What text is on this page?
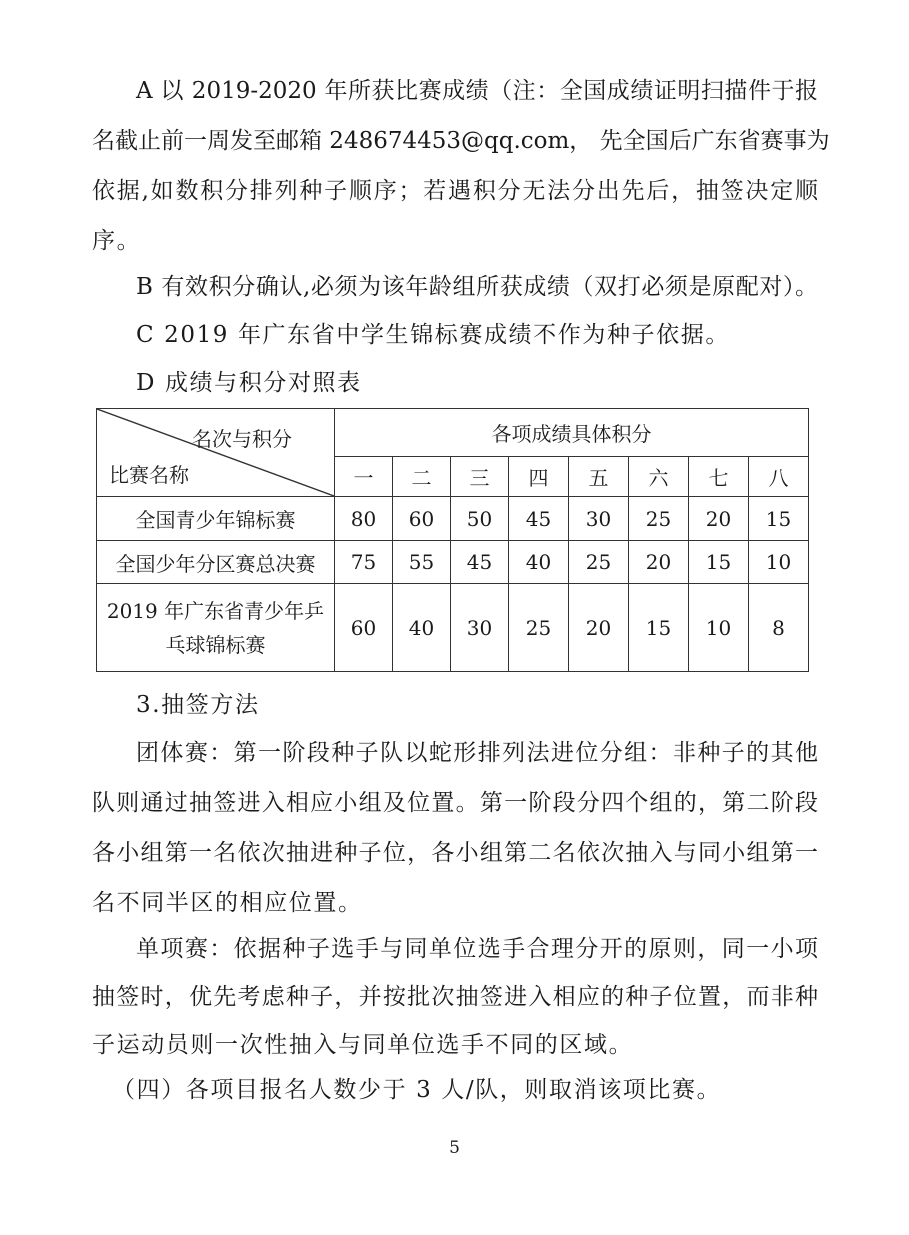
A 以 2019-2020 年所获比赛成绩（注：全国成绩证明扫描件于报
名截止前一周发至邮箱 248674453@qq.com， 先全国后广东省赛事为
依据,如数积分排列种子顺序；若遇积分无法分出先后，抽签决定顺
序。
B 有效积分确认,必须为该年龄组所获成绩（双打必须是原配对）。
C 2019 年广东省中学生锦标赛成绩不作为种子依据。
D 成绩与积分对照表
名次与积分
比赛名称	各项成绩具体积分							
	一	二	三	四	五	六	七	八
全国青少年锦标赛	80	60	50	45	30	25	20	15
全国少年分区赛总决赛	75	55	45	40	25	20	15	10

2019 年广东省青少年乒
乓球锦标赛	60	40	30	25	20	15	10	8
3.抽签方法
团体赛：第一阶段种子队以蛇形排列法进位分组：非种子的其他
队则通过抽签进入相应小组及位置。第一阶段分四个组的，第二阶段
各小组第一名依次抽进种子位，各小组第二名依次抽入与同小组第一
名不同半区的相应位置。
单项赛：依据种子选手与同单位选手合理分开的原则，同一小项
抽签时，优先考虑种子，并按批次抽签进入相应的种子位置，而非种
子运动员则一次性抽入与同单位选手不同的区域。
（四）各项目报名人数少于 3 人/队，则取消该项比赛。
5
